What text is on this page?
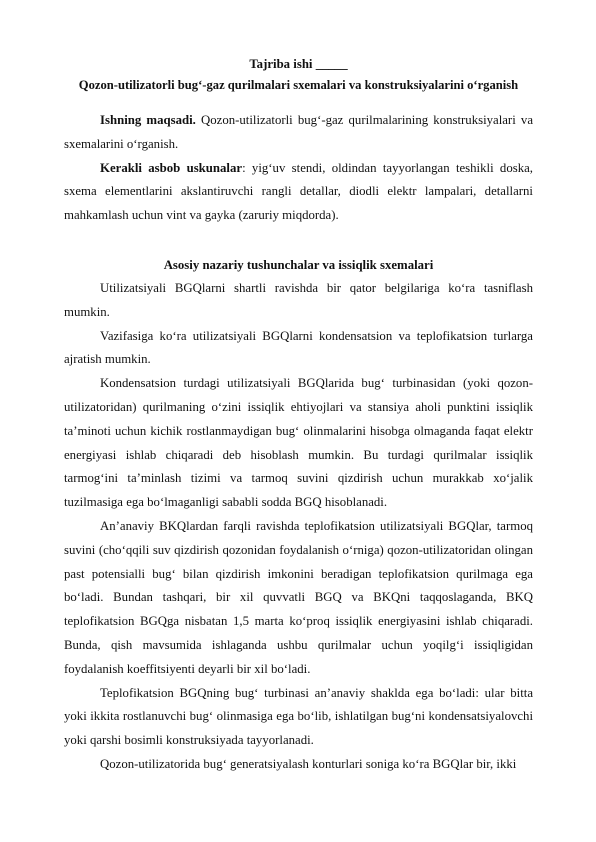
Tajriba ishi _____
Qozon-utilizatorli bug‘-gaz qurilmalari sxemalari va konstruksiyalarini o‘rganish

Ishning maqsadi. Qozon-utilizatorli bug‘-gaz qurilmalarining konstruksiyalari va sxemalarini o‘rganish.

Kerakli asbob uskunalar: yig‘uv stendi, oldindan tayyorlangan teshikli doska, sxema elementlarini akslantiruvchi rangli detallar, diodli elektr lampalari, detallarni mahkamlash uchun vint va gayka (zaruriy miqdorda).

Asosiy nazariy tushunchalar va issiqlik sxemalari

Utilizatsiyali BGQlarni shartli ravishda bir qator belgilariga ko‘ra tasniflash mumkin.

Vazifasiga ko‘ra utilizatsiyali BGQlarni kondensatsion va teplofikatsion turlarga ajratish mumkin.

Kondensatsion turdagi utilizatsiyali BGQlarida bug‘ turbinasidan (yoki qozon-utilizatoridan) qurilmaning o‘zini issiqlik ehtiyojlari va stansiya aholi punktini issiqlik ta’minoti uchun kichik rostlanmaydigan bug‘ olinmalarini hisobga olmaganda faqat elektr energiyasi ishlab chiqaradi deb hisoblash mumkin. Bu turdagi qurilmalar issiqlik tarmog‘ini ta’minlash tizimi va tarmoq suvini qizdirish uchun murakkab xo‘jalik tuzilmasiga ega bo‘lmaganligi sababli sodda BGQ hisoblanadi.

An’anaviy BKQlardan farqli ravishda teplofikatsion utilizatsiyali BGQlar, tarmoq suvini (cho‘qqili suv qizdirish qozonidan foydalanish o‘rniga) qozon-utilizatoridan olingan past potensialli bug‘ bilan qizdirish imkonini beradigan teplofikatsion qurilmaga ega bo‘ladi. Bundan tashqari, bir xil quvvatli BGQ va BKQni taqqoslaganda, BKQ teplofikatsion BGQga nisbatan 1,5 marta ko‘proq issiqlik energiyasini ishlab chiqaradi. Bunda, qish mavsumida ishlaganda ushbu qurilmalar uchun yoqilg‘i issiqligidan foydalanish koeffitsiyenti deyarli bir xil bo‘ladi.

Teplofikatsion BGQning bug‘ turbinasi an’anaviy shaklda ega bo‘ladi: ular bitta yoki ikkita rostlanuvchi bug‘ olinmasiga ega bo‘lib, ishlatilgan bug‘ni kondensatsiyalovchi yoki qarshi bosimli konstruksiyada tayyorlanadi.

Qozon-utilizatorida bug‘ generatsiyalash konturlari soniga ko‘ra BGQlar bir, ikki
